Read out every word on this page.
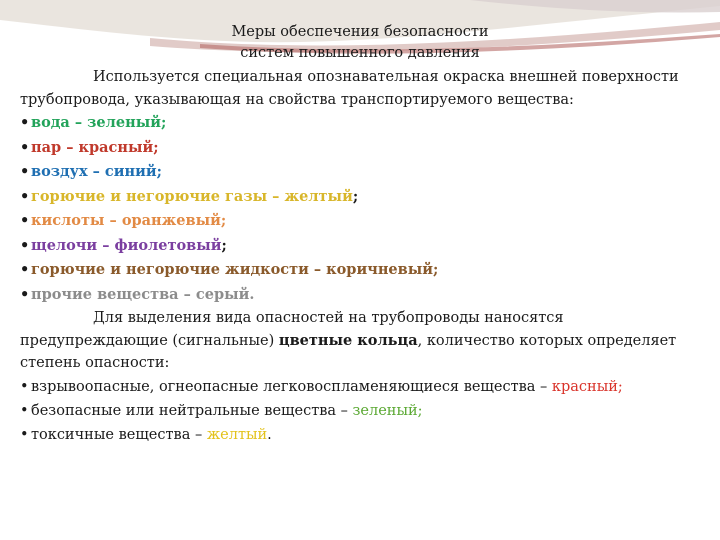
Меры обеспечения безопасности
систем повышенного давления

Используется специальная опознавательная окраска внешней поверхности трубопровода, указывающая на свойства транспортируемого вещества:

• вода – зеленый;
• пар – красный;
• воздух – синий;
• горючие и негорючие газы – желтый;
• кислоты – оранжевый;
• щелочи – фиолетовый;
• горючие и негорючие жидкости – коричневый;
• прочие вещества – серый.

Для выделения вида опасностей на трубопроводы наносятся предупреждающие (сигнальные) цветные кольца, количество которых определяет степень опасности:

• взрывоопасные, огнеопасные легковоспламеняющиеся вещества – красный;
• безопасные или нейтральные вещества – зеленый;
• токсичные вещества – желтый.
